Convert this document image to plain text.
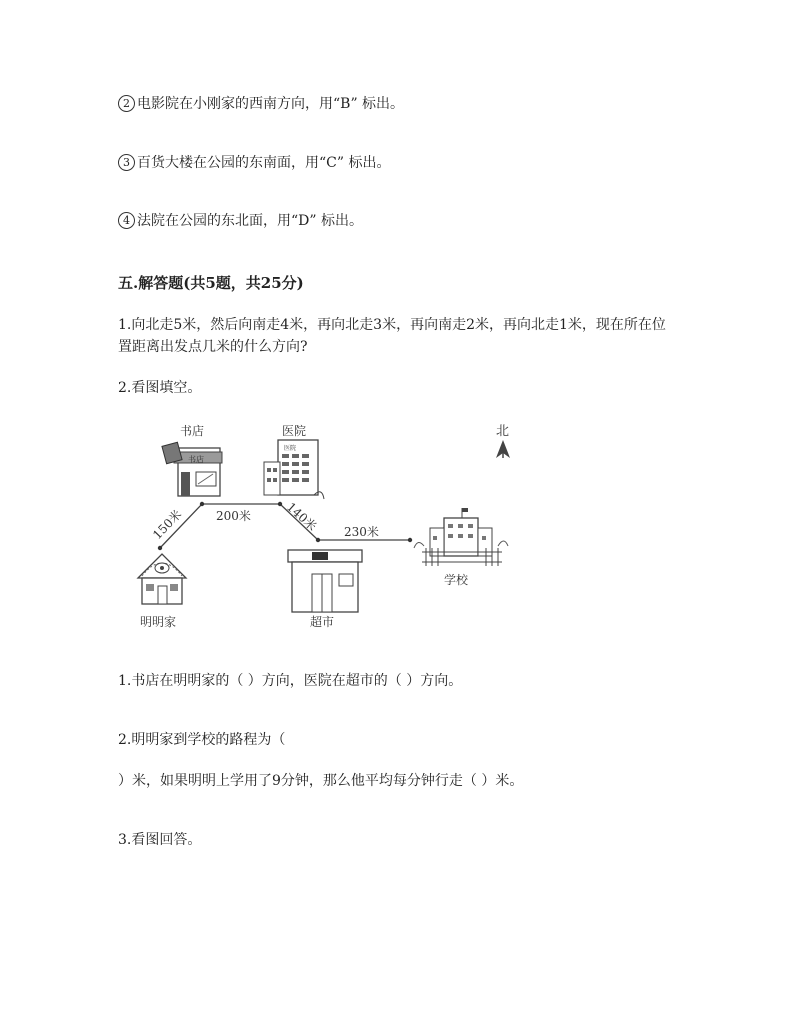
2 电影院在小刚家的西南方向，用“B” 标出。
3 百货大楼在公园的东南面，用“C” 标出。
4 法院在公园的东北面，用“D” 标出。
五.解答题(共5题，共25分)
1.向北走5米，然后向南走4米，再向北走3米，再向南走2米，再向北走1米，现在所在位置距离出发点几米的什么方向?
2.看图填空。
北
150米	200米	140米 230米
书店
书店
医院
医院
明明家	超市
学校
1.书店在明明家的（ ）方向，医院在超市的（ ）方向。
2.明明家到学校的路程为（
）米，如果明明上学用了9分钟，那么他平均每分钟行走（ ）米。
3.看图回答。
